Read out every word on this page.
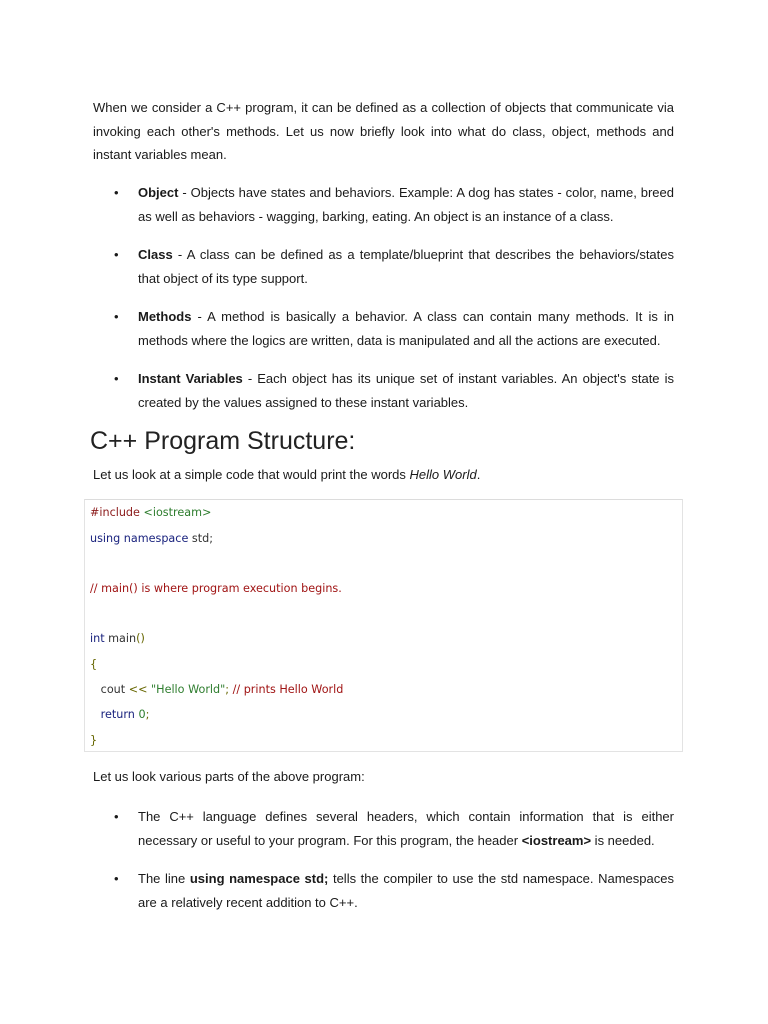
When we consider a C++ program, it can be defined as a collection of objects that communicate via invoking each other's methods. Let us now briefly look into what do class, object, methods and instant variables mean.

•	Object - Objects have states and behaviors. Example: A dog has states - color, name, breed as well as behaviors - wagging, barking, eating. An object is an instance of a class.
•	Class - A class can be defined as a template/blueprint that describes the behaviors/states that object of its type support.
•	Methods - A method is basically a behavior. A class can contain many methods. It is in methods where the logics are written, data is manipulated and all the actions are executed.
•	Instant Variables - Each object has its unique set of instant variables. An object's state is created by the values assigned to these instant variables.
C++ Program Structure:

Let us look at a simple code that would print the words Hello World.

#include <iostream>
using namespace std;
// main() is where program execution begins.
int main()
{
cout << "Hello World"; // prints Hello World
return 0;
}

Let us look various parts of the above program:

•	The C++ language defines several headers, which contain information that is either necessary or useful to your program. For this program, the header <iostream> is needed.
•	The line using namespace std; tells the compiler to use the std namespace. Namespaces are a relatively recent addition to C++.
